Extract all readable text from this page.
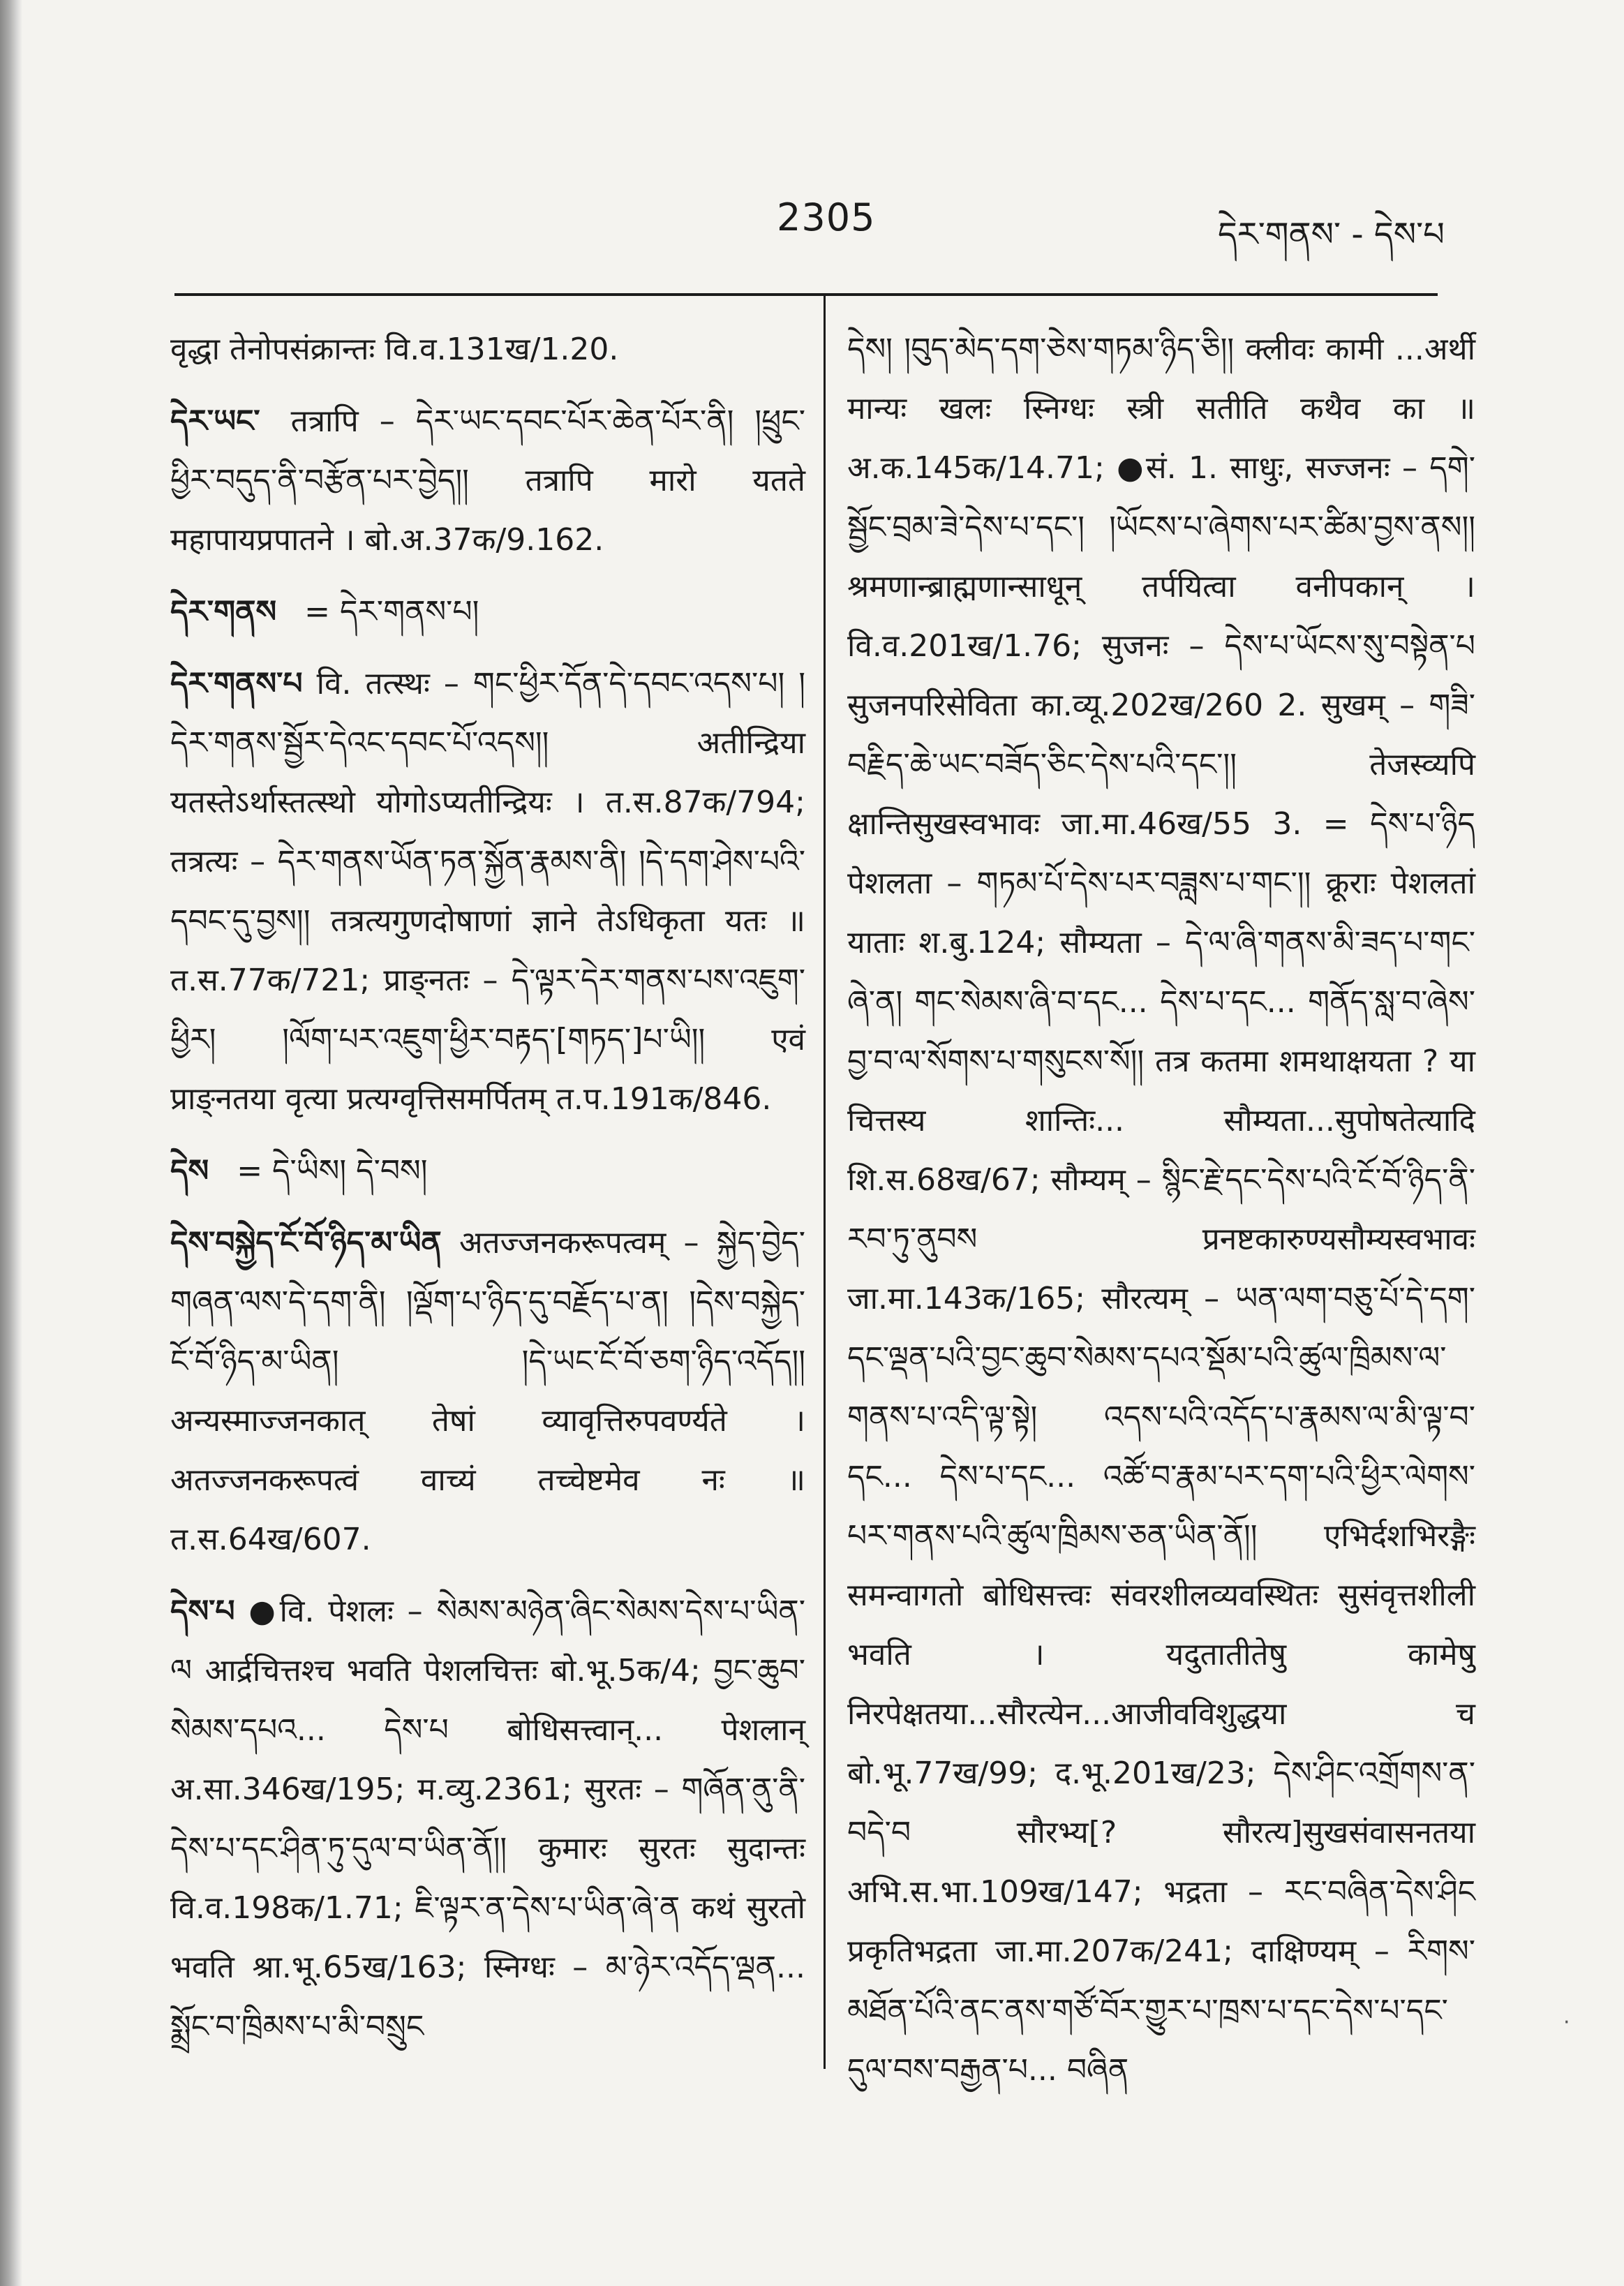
2305	དེར་གནས་ - དེས་པ

वृद्धा तेनोपसंक्रान्तः वि.व.131ख/1.20.

དེར་ཡང་ तत्रापि – དེར་ཡང་དབང་པོར་ཆེན་པོར་ནི། །ཕྲུང་ཕྱིར་བདུད་ནི་བརྩོན་པར་བྱེད།། तत्रापि मारो यतते महापायप्रपातने । बो.अ.37क/9.162.

དེར་གནས = དེར་གནས་པ།

དེར་གནས་པ वि. तत्स्थः – གང་ཕྱིར་དོན་དེ་དབང་འདས་པ། །དེར་གནས་སྦྱོར་དེའང་དབང་པོ་འདས།། अतीन्द्रिया यतस्तेऽर्थास्तत्स्थो योगोऽप्यतीन्द्रियः । त.स.87क/794; तत्रत्यः – དེར་གནས་ཡོན་ཏན་སྐྱོན་རྣམས་ནི། །དེ་དག་ཤེས་པའི་དབང་དུ་བྱས།། तत्रत्यगुणदोषाणां ज्ञाने तेऽधिकृता यतः ॥ त.स.77क/721; प्राङ्नतः – དེ་ལྟར་དེར་གནས་པས་འཇུག་ཕྱིར། །ལོག་པར་འཇུག་ཕྱིར་བརྟད་[གཏད་]པ་ཡི།། एवं प्राङ्नतया वृत्या प्रत्यग्वृत्तिसमर्पितम् त.प.191क/846.

དེས = དེ་ཡིས། དེ་བས།

དེས་བསྐྱེད་ངོ་བོ་ཉིད་མ་ཡིན अतज्जनकरूपत्वम् – སྐྱེད་བྱེད་གཞན་ལས་དེ་དག་ནི། །ལྡོག་པ་ཉིད་དུ་བརྗོད་པ་ན། །དེས་བསྐྱེད་ངོ་བོ་ཉིད་མ་ཡིན། །དེ་ཡང་ངོ་བོ་ཅག་ཉིད་འདོད།། अन्यस्माज्जनकात् तेषां व्यावृत्तिरुपवर्ण्यते । अतज्जनकरूपत्वं वाच्यं तच्चेष्टमेव नः ॥ त.स.64ख/607.

དེས་པ ●वि. पेशलः – སེམས་མཉེན་ཞིང་སེམས་དེས་པ་ཡིན་ལ आर्द्रचित्तश्च भवति पेशलचित्तः बो.भू.5क/4; བྱང་ཆུབ་སེམས་དཔའ... དེས་པ बोधिसत्त्वान्... पेशलान् अ.सा.346ख/195; म.व्यु.2361; सुरतः – གཞོན་ནུ་ནི་དེས་པ་དང་ཤིན་ཏུ་དུལ་བ་ཡིན་ནོ།། कुमारः सुरतः सुदान्तः वि.व.198क/1.71; ཇི་ལྟར་ན་དེས་པ་ཡིན་ཞེ་ན कथं सुरतो भवति श्रा.भू.65ख/163; स्निग्धः – མ་ཉེར་འདོད་ལྡན... སྨྲོང་བ་ཁྲིམས་པ་མི་བསྲུང

དེས། །བུད་མེད་དག་ཅེས་གཏམ་ཉིད་ཅི།། क्लीवः कामी ...अर्थी मान्यः खलः स्निग्धः स्त्री सतीति कथैव का ॥ अ.क.145क/14.71; ●सं. 1. साधुः, सज्जनः – དགེ་སྦྱོང་བྲམ་ཟེ་དེས་པ་དང་། །ཡོངས་པ་ཞེགས་པར་ཚིམ་བྱས་ནས།། श्रमणान्ब्राह्मणान्साधून् तर्पयित्वा वनीपकान् । वि.व.201ख/1.76; सुजनः – དེས་པ་ཡོངས་སུ་བསྟེན་པ सुजनपरिसेविता का.व्यू.202ख/260 2. सुखम् – གཟི་བརྗིད་ཆེ་ཡང་བཟོད་ཅིང་དེས་པའི་དང་།། तेजस्व्यपि क्षान्तिसुखस्वभावः जा.मा.46ख/55 3. = དེས་པ་ཉིད पेशलता – གཏམ་པོ་དེས་པར་བཟླས་པ་གང་།། क्रूराः पेशलतां याताः श.बु.124; सौम्यता – དེ་ལ་ཞི་གནས་མི་ཟད་པ་གང་ཞེ་ན། གང་སེམས་ཞི་བ་དང... དེས་པ་དང... གནོད་སླ་བ་ཞེས་བྱ་བ་ལ་སོགས་པ་གསུངས་སོ།། तत्र कतमा शमथाक्षयता ? या चित्तस्य शान्तिः... सौम्यता...सुपोषतेत्यादि शि.स.68ख/67; सौम्यम् – སྙིང་རྗེ་དང་དེས་པའི་ངོ་བོ་ཉིད་ནི་རབ་ཏུ་ནུབས प्रनष्टकारुण्यसौम्यस्वभावः जा.मा.143क/165; सौरत्यम् – ཡན་ལག་བཅུ་པོ་དེ་དག་དང་ལྡན་པའི་བྱང་ཆུབ་སེམས་དཔའ་སྡོམ་པའི་ཚུལ་ཁྲིམས་ལ་གནས་པ་འདི་ལྟ་སྟེ། འདས་པའི་འདོད་པ་རྣམས་ལ་མི་ལྟ་བ་དང... དེས་པ་དང... འཚོ་བ་རྣམ་པར་དག་པའི་ཕྱིར་ལེགས་པར་གནས་པའི་ཚུལ་ཁྲིམས་ཅན་ཡིན་ནོ།། एभिर्दशभिरङ्गैः समन्वागतो बोधिसत्त्वः संवरशीलव्यवस्थितः सुसंवृत्तशीली भवति । यदुतातीतेषु कामेषु निरपेक्षतया...सौरत्येन...आजीवविशुद्धया च बो.भू.77ख/99; द.भू.201ख/23; དེས་ཤིང་འགྲོགས་ན་བདེ་བ सौरभ्य[? सौरत्य]सुखसंवासनतया अभि.स.भा.109ख/147; भद्रता – རང་བཞིན་དེས་ཤིང प्रकृतिभद्रता जा.मा.207क/241; दाक्षिण्यम् – རིགས་མཐོན་པོའི་ནང་ནས་གཙོ་བོར་གྱུར་པ་ཁྲས་པ་དང་དེས་པ་དང་དུལ་བས་བརྒྱན་པ... བཞིན

·
